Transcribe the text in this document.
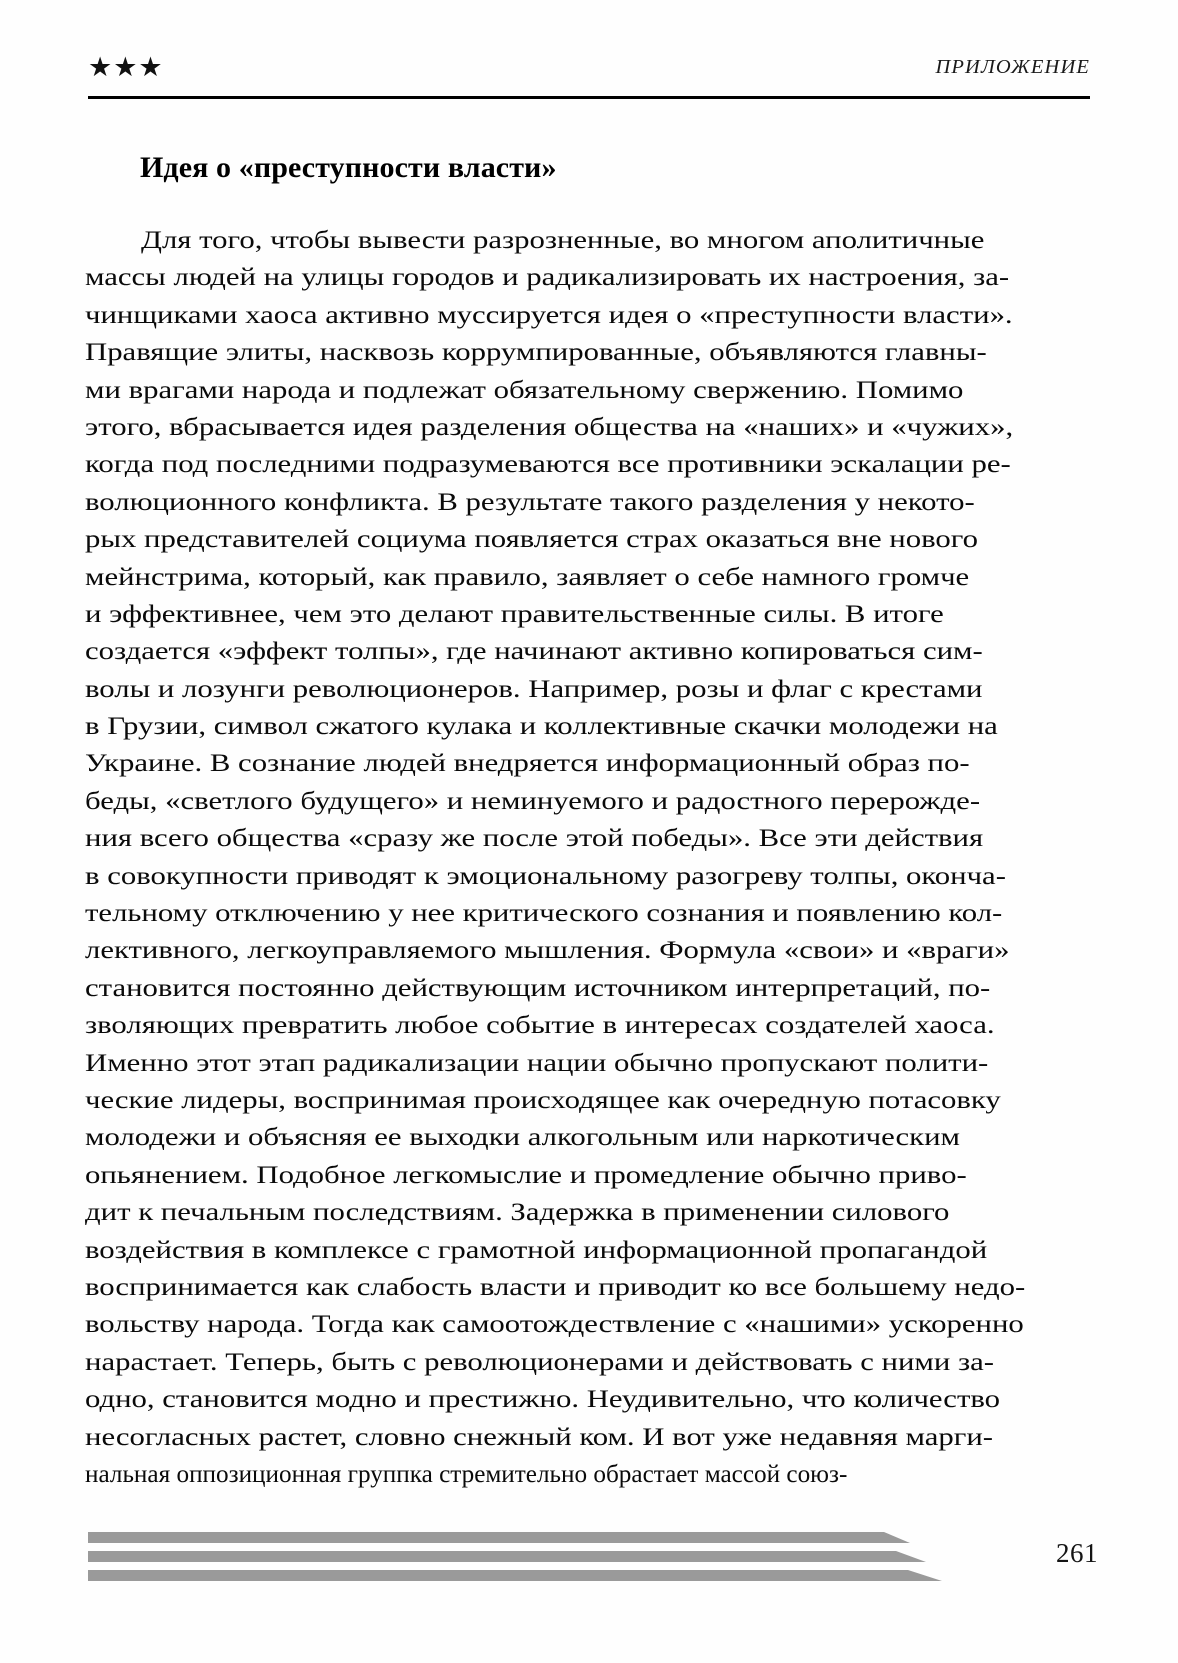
★★★	ПРИЛОЖЕНИЕ
Идея о «преступности власти»
Для того, чтобы вывести разрозненные, во многом аполитичные
массы людей на улицы городов и радикализировать их настроения, за-
чинщиками хаоса активно муссируется идея о «преступности власти».
Правящие элиты, насквозь коррумпированные, объявляются главны-
ми врагами народа и подлежат обязательному свержению. Помимо
этого, вбрасывается идея разделения общества на «наших» и «чужих»,
когда под последними подразумеваются все противники эскалации ре-
волюционного конфликта. В результате такого разделения у некото-
рых представителей социума появляется страх оказаться вне нового
мейнстрима, который, как правило, заявляет о себе намного громче
и эффективнее, чем это делают правительственные силы. В итоге
создается «эффект толпы», где начинают активно копироваться сим-
волы и лозунги революционеров. Например, розы и флаг с крестами
в Грузии, символ сжатого кулака и коллективные скачки молодежи на
Украине. В сознание людей внедряется информационный образ по-
беды, «светлого будущего» и неминуемого и радостного перерожде-
ния всего общества «сразу же после этой победы». Все эти действия
в совокупности приводят к эмоциональному разогреву толпы, оконча-
тельному отключению у нее критического сознания и появлению кол-
лективного, легкоуправляемого мышления. Формула «свои» и «враги»
становится постоянно действующим источником интерпретаций, по-
зволяющих превратить любое событие в интересах создателей хаоса.
Именно этот этап радикализации нации обычно пропускают полити-
ческие лидеры, воспринимая происходящее как очередную потасовку
молодежи и объясняя ее выходки алкогольным или наркотическим
опьянением. Подобное легкомыслие и промедление обычно приво-
дит к печальным последствиям. Задержка в применении силового
воздействия в комплексе с грамотной информационной пропагандой
воспринимается как слабость власти и приводит ко все большему недо-
вольству народа. Тогда как самоотождествление с «нашими» ускоренно
нарастает. Теперь, быть с революционерами и действовать с ними за-
одно, становится модно и престижно. Неудивительно, что количество
несогласных растет, словно снежный ком. И вот уже недавняя марги-
нальная оппозиционная группка стремительно обрастает массой союз-
261
